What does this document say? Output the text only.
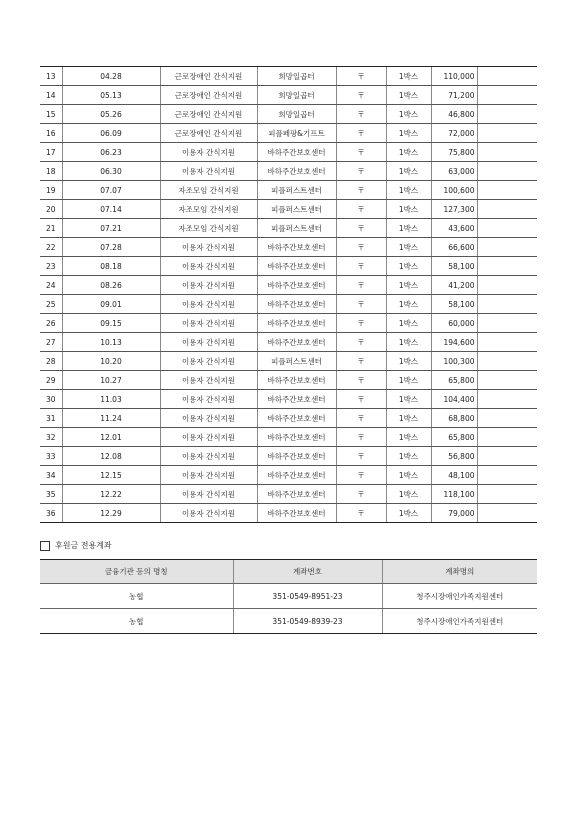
13	04.28	근로장애인 간식지원	희망일곱터	〒	1박스	110,000	
14	05.13	근로장애인 간식지원	희망일곱터	〒	1박스	71,200	
15	05.26	근로장애인 간식지원	희망일곱터	〒	1박스	46,800	
16	06.09	근로장애인 간식지원	피플페팡&기프트	〒	1박스	72,000	
17	06.23	이용자 간식지원	바하주간보호센터	〒	1박스	75,800	
18	06.30	이용자 간식지원	바하주간보호센터	〒	1박스	63,000	
19	07.07	자조모임 간식지원	피플퍼스트센터	〒	1박스	100,600	
20	07.14	자조모임 간식지원	피플퍼스트센터	〒	1박스	127,300	
21	07.21	자조모임 간식지원	피플퍼스트센터	〒	1박스	43,600	
22	07.28	이용자 간식지원	바하주간보호센터	〒	1박스	66,600	
23	08.18	이용자 간식지원	바하주간보호센터	〒	1박스	58,100	
24	08.26	이용자 간식지원	바하주간보호센터	〒	1박스	41,200	
25	09.01	이용자 간식지원	바하주간보호센터	〒	1박스	58,100	
26	09.15	이용자 간식지원	바하주간보호센터	〒	1박스	60,000	
27	10.13	이용자 간식지원	바하주간보호센터	〒	1박스	194,600	
28	10.20	이용자 간식지원	피플퍼스트센터	〒	1박스	100,300	
29	10.27	이용자 간식지원	바하주간보호센터	〒	1박스	65,800	
30	11.03	이용자 간식지원	바하주간보호센터	〒	1박스	104,400	
31	11.24	이용자 간식지원	바하주간보호센터	〒	1박스	68,800	
32	12.01	이용자 간식지원	바하주간보호센터	〒	1박스	65,800	
33	12.08	이용자 간식지원	바하주간보호센터	〒	1박스	56,800	
34	12.15	이용자 간식지원	바하주간보호센터	〒	1박스	48,100	
35	12.22	이용자 간식지원	바하주간보호센터	〒	1박스	118,100	
36	12.29	이용자 간식지원	바하주간보호센터	〒	1박스	79,000	
후원금 전용계좌
금융기관 등의 명칭	계좌번호	계좌명의
농협	351-0549-8951-23	청주시장애인가족지원센터
농협	351-0549-8939-23	청주시장애인가족지원센터
